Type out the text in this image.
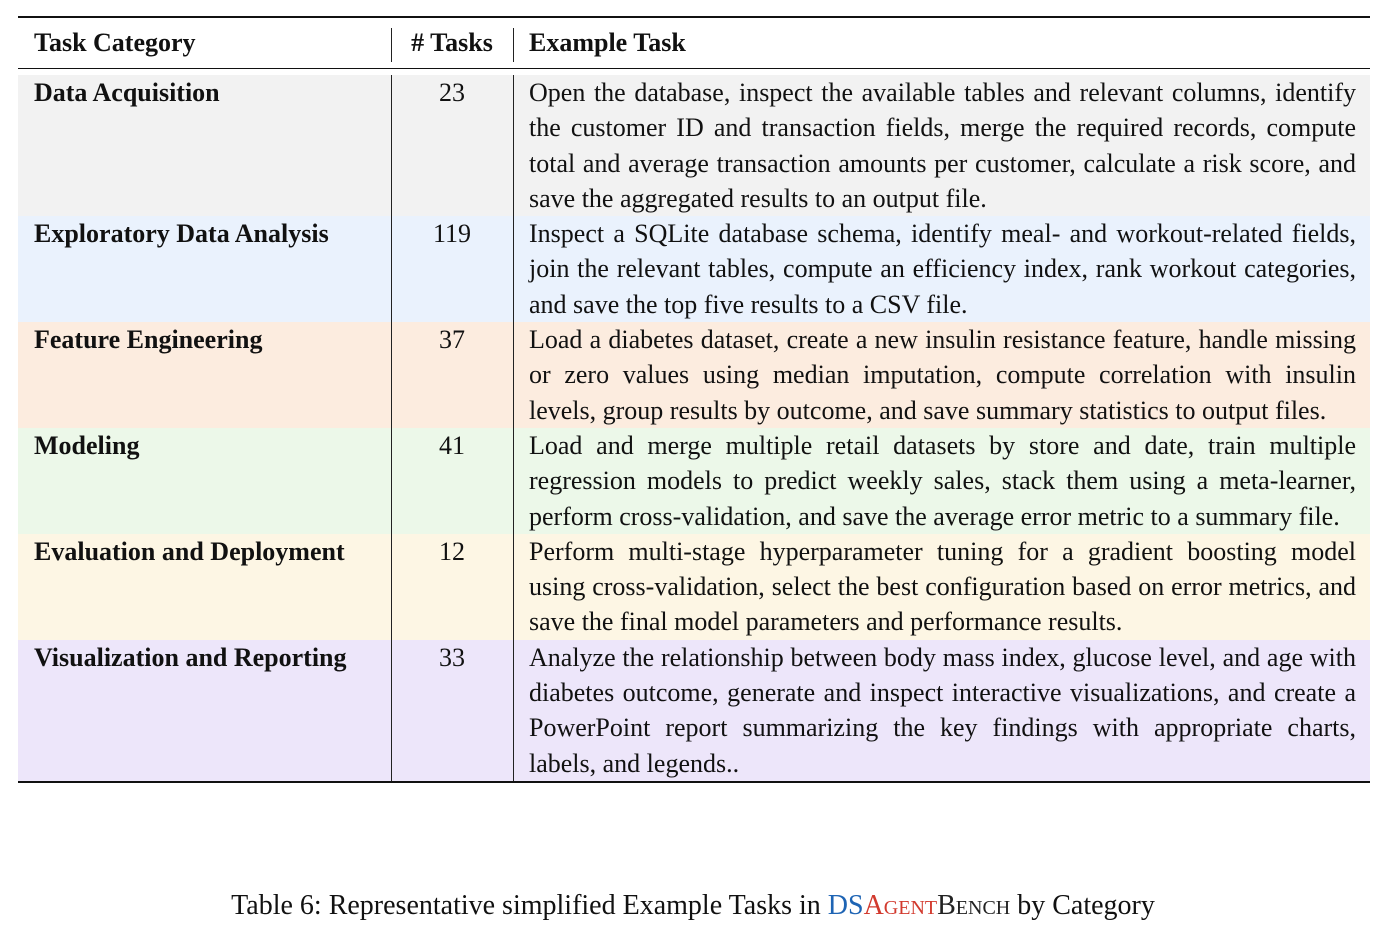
Task Category	# Tasks	Example Task
Data Acquisition	23	Open the database, inspect the available tables and relevant columns, identify the customer ID and transaction fields, merge the required records, compute total and average transaction amounts per customer, calculate a risk score, and save the aggregated results to an output file.
Exploratory Data Analysis	119	Inspect a SQLite database schema, identify meal- and workout-related fields, join the relevant tables, compute an efficiency index, rank workout categories, and save the top five results to a CSV file.
Feature Engineering	37	Load a diabetes dataset, create a new insulin resistance feature, handle missing or zero values using median imputation, compute correlation with insulin levels, group results by outcome, and save summary statistics to output files.
Modeling	41	Load and merge multiple retail datasets by store and date, train multiple regression models to predict weekly sales, stack them using a meta-learner, perform cross-validation, and save the average error metric to a summary file.
Evaluation and Deployment	12	Perform multi-stage hyperparameter tuning for a gradient boosting model using cross-validation, select the best configuration based on error metrics, and save the final model parameters and performance results.
Visualization and Reporting	33	Analyze the relationship between body mass index, glucose level, and age with diabetes outcome, generate and inspect interactive visualizations, and create a PowerPoint report summarizing the key findings with appropriate charts, labels, and legends..
Table 6: Representative simplified Example Tasks in DSAgentBench by Category
